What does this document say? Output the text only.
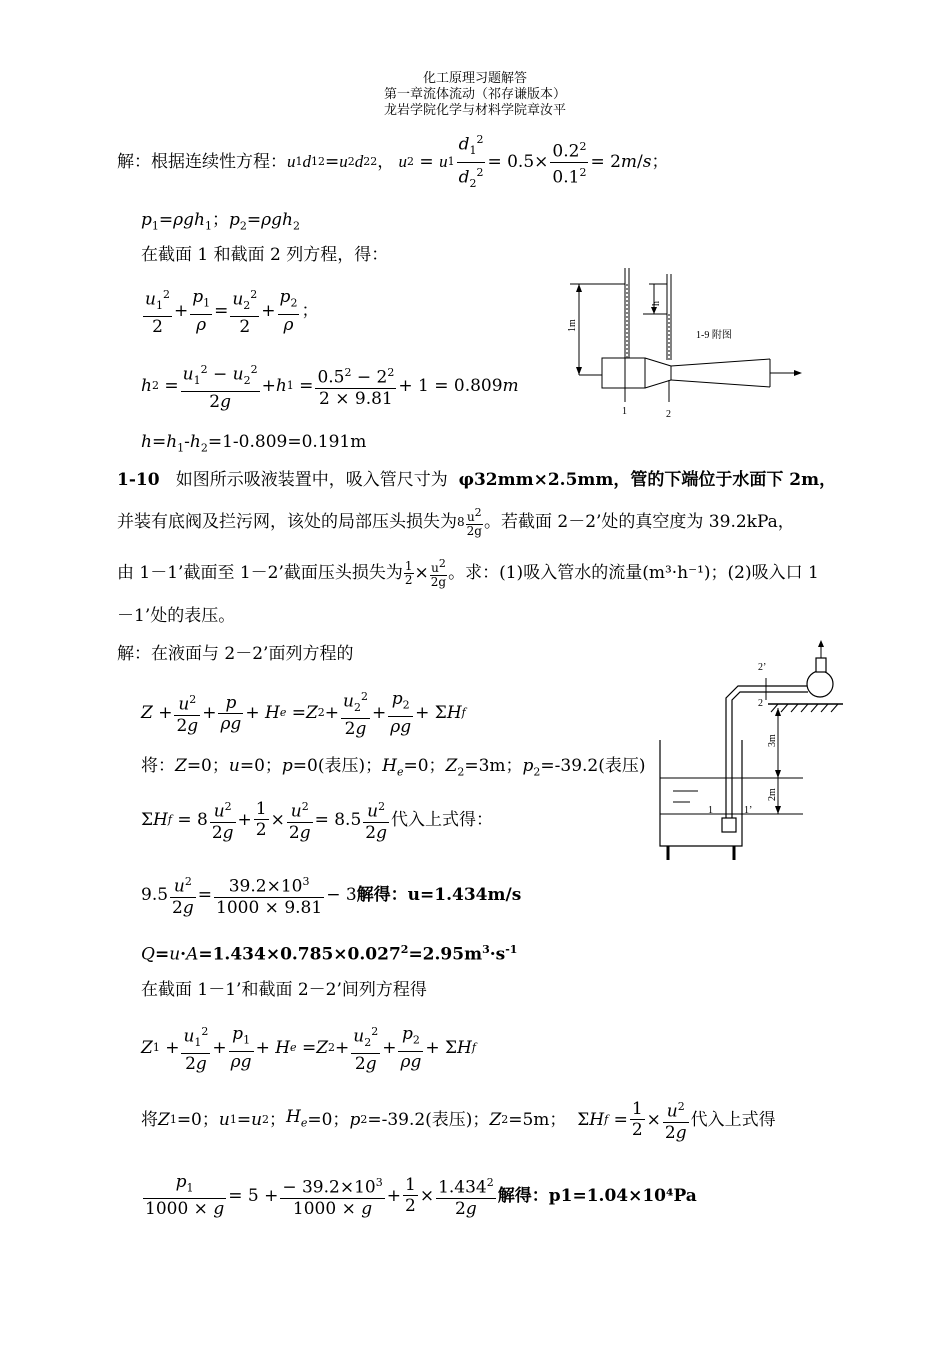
化工原理习题解答
第一章流体流动（祁存谦版本）
龙岩学院化学与材料学院章汝平
解：根据连续性方程： u 1 d 1 2 = u 2 d 2 2 ， u 2 = u $1 \frac{d_1^2}{d_2^2} = 0.5\times \frac{0.2^2}{0.1^2} = 2$ m / s ；
$p_1=\rho gh_1$；$p_2=\rho gh_2$
在截面 1 和截面 2 列方程，得：
$\frac{u_1^2}{2} + \frac{p_1}{\rho} = \frac{u_2^2}{2} + \frac{p_2}{\rho}$ ；
h $2 = \frac{u_1^2 - u_2^2}{2g} + h$ $1 = \frac{0.5^2 - 2^2}{2 \times 9.81} + 1 = 0.809$ m
$h=h_1-h_2=1-0.809=0.191m$
1m
h
1	2
1-9 附图
1-10 如图所示吸液装置中，吸入管尺寸为 φ32mm×2.5mm，管的下端位于水面下 2m，
并装有底阀及拦污网，该处的局部压头损失为 8 $u^2$
2g 。若截面 2－2’处的真空度为 39.2kPa，
由 1－1’截面至 1－2’截面压头损失为 1
$2 \times u^2$
2g 。求：(1)吸入管水的流量(m³·h⁻¹)；(2)吸入口 1
－1’处的表压。
解：在液面与 2－2’面列方程的
$Z + \frac{u^2}{2g} + \frac{p}{\rho g} + H$ e = Z $2 + \frac{u_2^2}{2g} + \frac{p_2}{\rho g} + \Sigma$ H f
将：Z=0；u=0；p=0(表压)；$H_e=0$；$Z_2=3m$；$p_2=-39.2$(表压)
Σ H $f = 8 \frac{u^2}{2g} + \frac{1}{2} \times \frac{u^2}{2g} = 8.5 \frac{u^2}{2g}$ 代入上式得：
$9.5 \frac{u^2}{2g} = \frac{39.2\times 10^3}{1000 \times 9.81} - 3$ 解得：u=1.434m/s
$Q=u\cdot A=1.434\times 0.785\times 0.027^2=2.95m^3\cdot s^{-1}$
在截面 1－1’和截面 2－2’间列方程得
Z $1 + \frac{u_1^2}{2g} + \frac{p_1}{\rho g} + H$ e = Z $2 + \frac{u_2^2}{2g} + \frac{p_2}{\rho g} + \Sigma$ H f
将 Z 1 =0； u 1 = u 2 ； $H_e =0$； p 2 =-39.2(表压)； Z 2 =5m；  Σ H $f = \frac{1}{2} \times \frac{u^2}{2g}$ 代入上式得
$\frac{p_1}{1000 \times g} = 5 + \frac{- 39.2\times 10^3}{1000 \times g} + \frac{1}{2} \times \frac{1.434^2}{2g}$ 解得：p1=1.04×10⁴Pa
2’
2
3m
2m
1	1’
